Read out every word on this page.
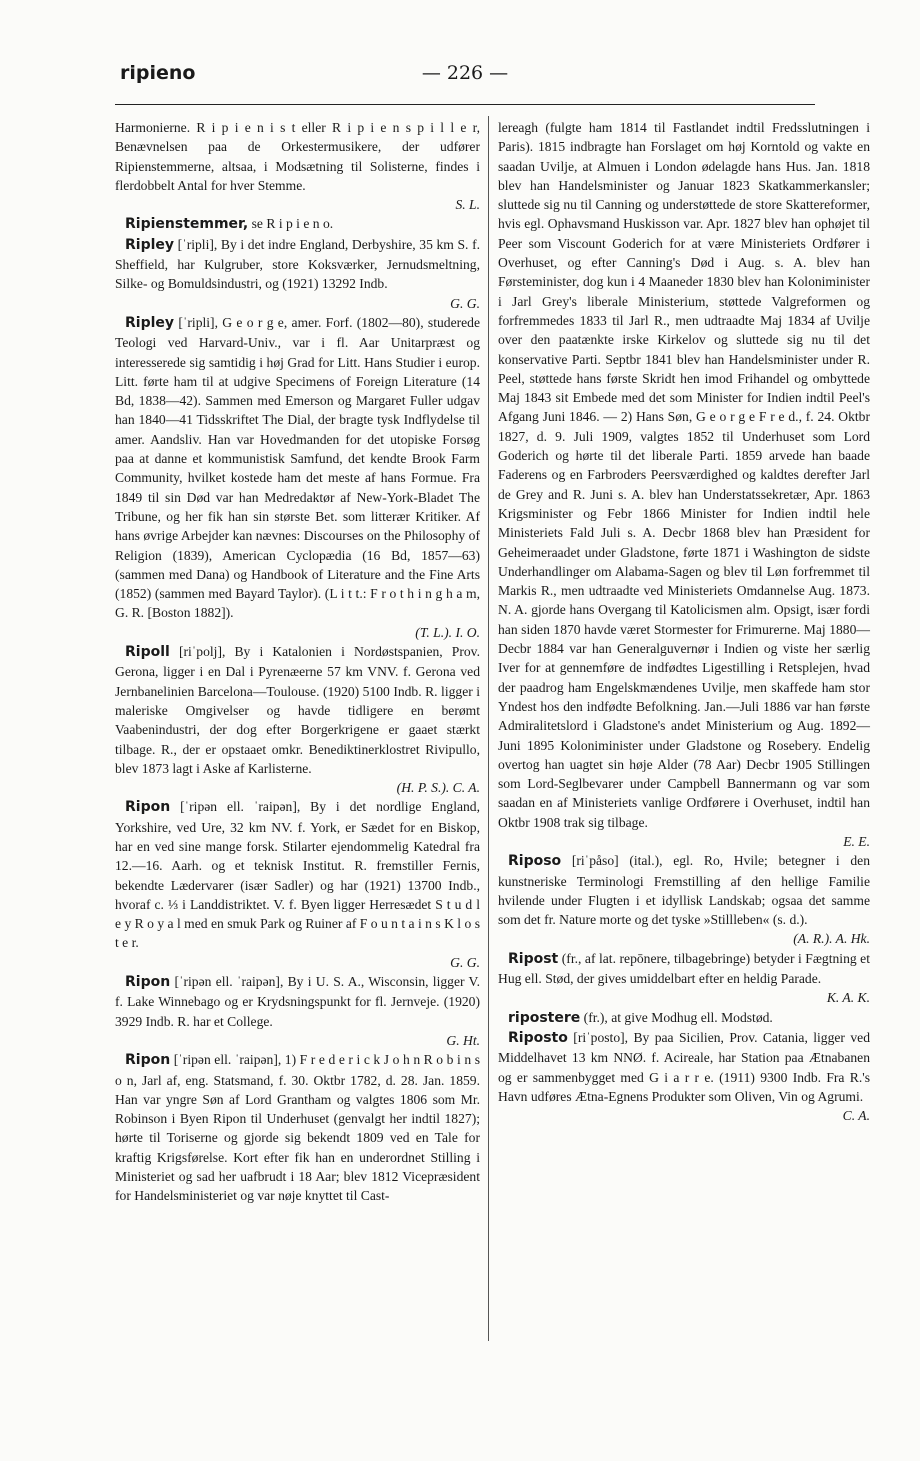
ripieno	— 226 —

Harmonierne. R i p i e n i s t eller R i p i e n s p i l l e r, Benævnelsen paa de Orkestermusikere, der udfører Ripienstemmerne, altsaa, i Modsætning til Solisterne, findes i flerdobbelt Antal for hver Stemme.
S. L.

Ripienstemmer, se R i p i e n o.

Ripley [ˈripli], By i det indre England, Derbyshire, 35 km S. f. Sheffield, har Kulgruber, store Koksværker, Jernudsmeltning, Silke- og Bomuldsindustri, og (1921) 13292 Indb.
G. G.

Ripley [ˈripli], G e o r g e, amer. Forf. (1802—80), studerede Teologi ved Harvard-Univ., var i fl. Aar Unitarpræst og interesserede sig samtidig i høj Grad for Litt. Hans Studier i europ. Litt. førte ham til at udgive Specimens of Foreign Literature (14 Bd, 1838—42). Sammen med Emerson og Margaret Fuller udgav han 1840—41 Tidsskriftet The Dial, der bragte tysk Indflydelse til amer. Aandsliv. Han var Hovedmanden for det utopiske Forsøg paa at danne et kommunistisk Samfund, det kendte Brook Farm Community, hvilket kostede ham det meste af hans Formue. Fra 1849 til sin Død var han Medredaktør af New-York-Bladet The Tribune, og her fik han sin største Bet. som litterær Kritiker. Af hans øvrige Arbejder kan nævnes: Discourses on the Philosophy of Religion (1839), American Cyclopædia (16 Bd, 1857—63) (sammen med Dana) og Handbook of Literature and the Fine Arts (1852) (sammen med Bayard Taylor). (L i t t.: F r o t h i n g h a m, G. R. [Boston 1882]).
(T. L.). I. O.

Ripoll [riˈpolj], By i Katalonien i Nordøstspanien, Prov. Gerona, ligger i en Dal i Pyrenæerne 57 km VNV. f. Gerona ved Jernbanelinien Barcelona—Toulouse. (1920) 5100 Indb. R. ligger i maleriske Omgivelser og havde tidligere en berømt Vaabenindustri, der dog efter Borgerkrigene er gaaet stærkt tilbage. R., der er opstaaet omkr. Benediktinerklostret Rivipullo, blev 1873 lagt i Aske af Karlisterne.
(H. P. S.). C. A.

Ripon [ˈripən ell. ˈraipən], By i det nordlige England, Yorkshire, ved Ure, 32 km NV. f. York, er Sædet for en Biskop, har en ved sine mange forsk. Stilarter ejendommelig Katedral fra 12.—16. Aarh. og et teknisk Institut. R. fremstiller Fernis, bekendte Lædervarer (især Sadler) og har (1921) 13700 Indb., hvoraf c. ⅓ i Landdistriktet. V. f. Byen ligger Herresædet S t u d l e y R o y a l med en smuk Park og Ruiner af F o u n t a i n s K l o s t e r.
G. G.

Ripon [ˈripən ell. ˈraipən], By i U. S. A., Wisconsin, ligger V. f. Lake Winnebago og er Krydsningspunkt for fl. Jernveje. (1920) 3929 Indb. R. har et College.
G. Ht.

Ripon [ˈripən ell. ˈraipən], 1) F r e d e r i c k J o h n R o b i n s o n, Jarl af, eng. Statsmand, f. 30. Oktbr 1782, d. 28. Jan. 1859. Han var yngre Søn af Lord Grantham og valgtes 1806 som Mr. Robinson i Byen Ripon til Underhuset (genvalgt her indtil 1827); hørte til Toriserne og gjorde sig bekendt 1809 ved en Tale for kraftig Krigsførelse. Kort efter fik han en underordnet Stilling i Ministeriet og sad her uafbrudt i 18 Aar; blev 1812 Vicepræsident for Handelsministeriet og var nøje knyttet til Cast-

lereagh (fulgte ham 1814 til Fastlandet indtil Fredsslutningen i Paris). 1815 indbragte han Forslaget om høj Korntold og vakte en saadan Uvilje, at Almuen i London ødelagde hans Hus. Jan. 1818 blev han Handelsminister og Januar 1823 Skatkammerkansler; sluttede sig nu til Canning og understøttede de store Skattereformer, hvis egl. Ophavsmand Huskisson var. Apr. 1827 blev han ophøjet til Peer som Viscount Goderich for at være Ministeriets Ordfører i Overhuset, og efter Canning's Død i Aug. s. A. blev han Førsteminister, dog kun i 4 Maaneder 1830 blev han Koloniminister i Jarl Grey's liberale Ministerium, støttede Valgreformen og forfremmedes 1833 til Jarl R., men udtraadte Maj 1834 af Uvilje over den paatænkte irske Kirkelov og sluttede sig nu til det konservative Parti. Septbr 1841 blev han Handelsminister under R. Peel, støttede hans første Skridt hen imod Frihandel og ombyttede Maj 1843 sit Embede med det som Minister for Indien indtil Peel's Afgang Juni 1846. — 2) Hans Søn, G e o r g e F r e d., f. 24. Oktbr 1827, d. 9. Juli 1909, valgtes 1852 til Underhuset som Lord Goderich og hørte til det liberale Parti. 1859 arvede han baade Faderens og en Farbroders Peersværdighed og kaldtes derefter Jarl de Grey and R. Juni s. A. blev han Understatssekretær, Apr. 1863 Krigsminister og Febr 1866 Minister for Indien indtil hele Ministeriets Fald Juli s. A. Decbr 1868 blev han Præsident for Geheimeraadet under Gladstone, førte 1871 i Washington de sidste Underhandlinger om Alabama-Sagen og blev til Løn forfremmet til Markis R., men udtraadte ved Ministeriets Omdannelse Aug. 1873. N. A. gjorde hans Overgang til Katolicismen alm. Opsigt, især fordi han siden 1870 havde været Stormester for Frimurerne. Maj 1880—Decbr 1884 var han Generalguvernør i Indien og viste her særlig Iver for at gennemføre de indfødtes Ligestilling i Retsplejen, hvad der paadrog ham Engelskmændenes Uvilje, men skaffede ham stor Yndest hos den indfødte Befolkning. Jan.—Juli 1886 var han første Admiralitetslord i Gladstone's andet Ministerium og Aug. 1892—Juni 1895 Koloniminister under Gladstone og Rosebery. Endelig overtog han uagtet sin høje Alder (78 Aar) Decbr 1905 Stillingen som Lord-Seglbevarer under Campbell Bannermann og var som saadan en af Ministeriets vanlige Ordførere i Overhuset, indtil han Oktbr 1908 trak sig tilbage.
E. E.

Riposo [riˈpåso] (ital.), egl. Ro, Hvile; betegner i den kunstneriske Terminologi Fremstilling af den hellige Familie hvilende under Flugten i et idyllisk Landskab; ogsaa det samme som det fr. Nature morte og det tyske »Stillleben« (s. d.).
(A. R.). A. Hk.

Ripost (fr., af lat. repōnere, tilbagebringe) betyder i Fægtning et Hug ell. Stød, der gives umiddelbart efter en heldig Parade.
K. A. K.

ripostere (fr.), at give Modhug ell. Modstød.

Riposto [riˈposto], By paa Sicilien, Prov. Catania, ligger ved Middelhavet 13 km NNØ. f. Acireale, har Station paa Ætnabanen og er sammenbygget med G i a r r e. (1911) 9300 Indb. Fra R.'s Havn udføres Ætna-Egnens Produkter som Oliven, Vin og Agrumi.
C. A.
